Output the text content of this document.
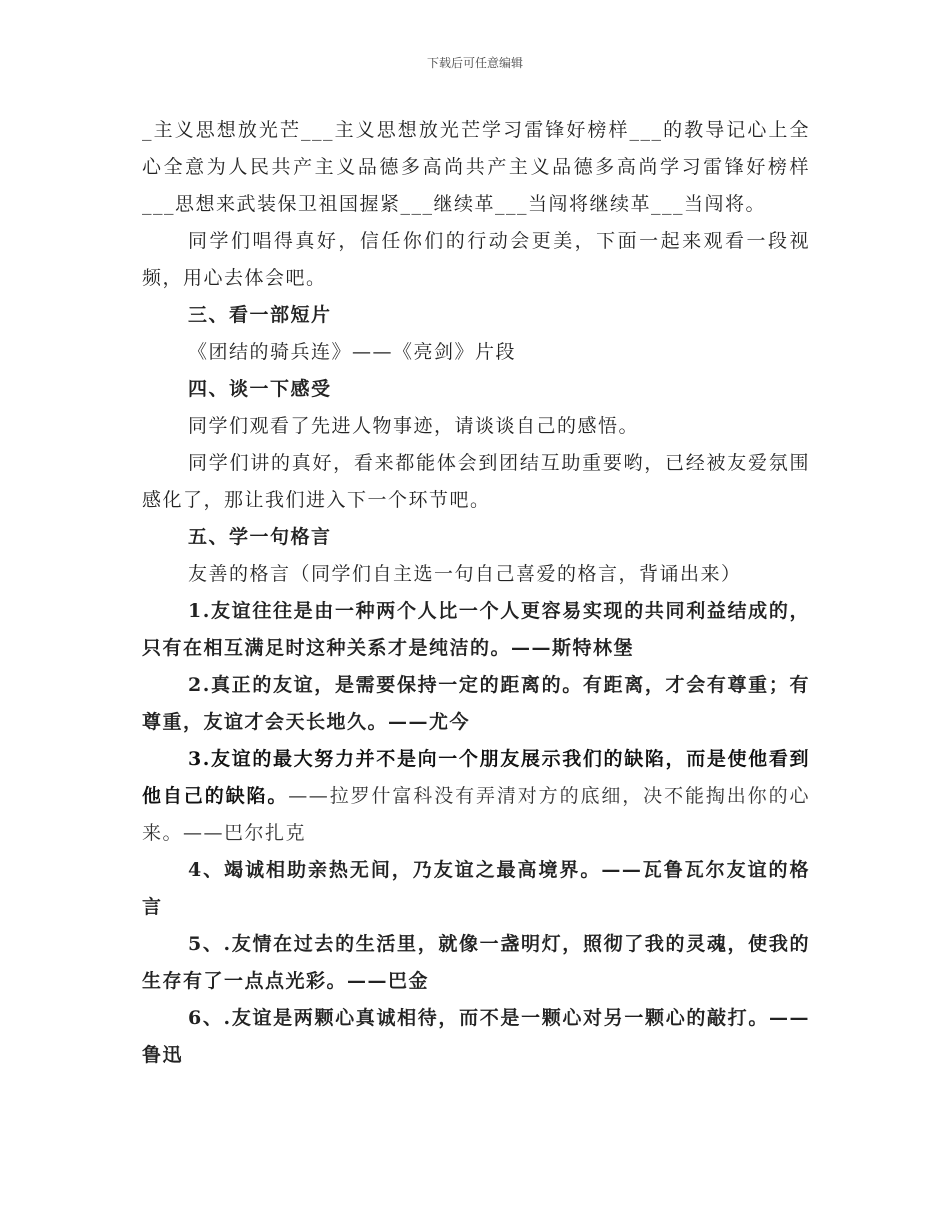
下载后可任意编辑

_主义思想放光芒___主义思想放光芒学习雷锋好榜样___的教导记心上全心全意为人民共产主义品德多高尚共产主义品德多高尚学习雷锋好榜样___思想来武装保卫祖国握紧___继续革___当闯将继续革___当闯将。

同学们唱得真好，信任你们的行动会更美，下面一起来观看一段视频，用心去体会吧。

三、看一部短片

《团结的骑兵连》——《亮剑》片段

四、谈一下感受

同学们观看了先进人物事迹，请谈谈自己的感悟。

同学们讲的真好，看来都能体会到团结互助重要哟，已经被友爱氛围感化了，那让我们进入下一个环节吧。

五、学一句格言

友善的格言（同学们自主选一句自己喜爱的格言，背诵出来）

1.友谊往往是由一种两个人比一个人更容易实现的共同利益结成的，只有在相互满足时这种关系才是纯洁的。——斯特林堡

2.真正的友谊，是需要保持一定的距离的。有距离，才会有尊重；有尊重，友谊才会天长地久。——尤今

3.友谊的最大努力并不是向一个朋友展示我们的缺陷，而是使他看到他自己的缺陷。——拉罗什富科没有弄清对方的底细，决不能掏出你的心来。——巴尔扎克

4、竭诚相助亲热无间，乃友谊之最高境界。——瓦鲁瓦尔友谊的格言

5、.友情在过去的生活里，就像一盏明灯，照彻了我的灵魂，使我的生存有了一点点光彩。——巴金

6、.友谊是两颗心真诚相待，而不是一颗心对另一颗心的敲打。——鲁迅
